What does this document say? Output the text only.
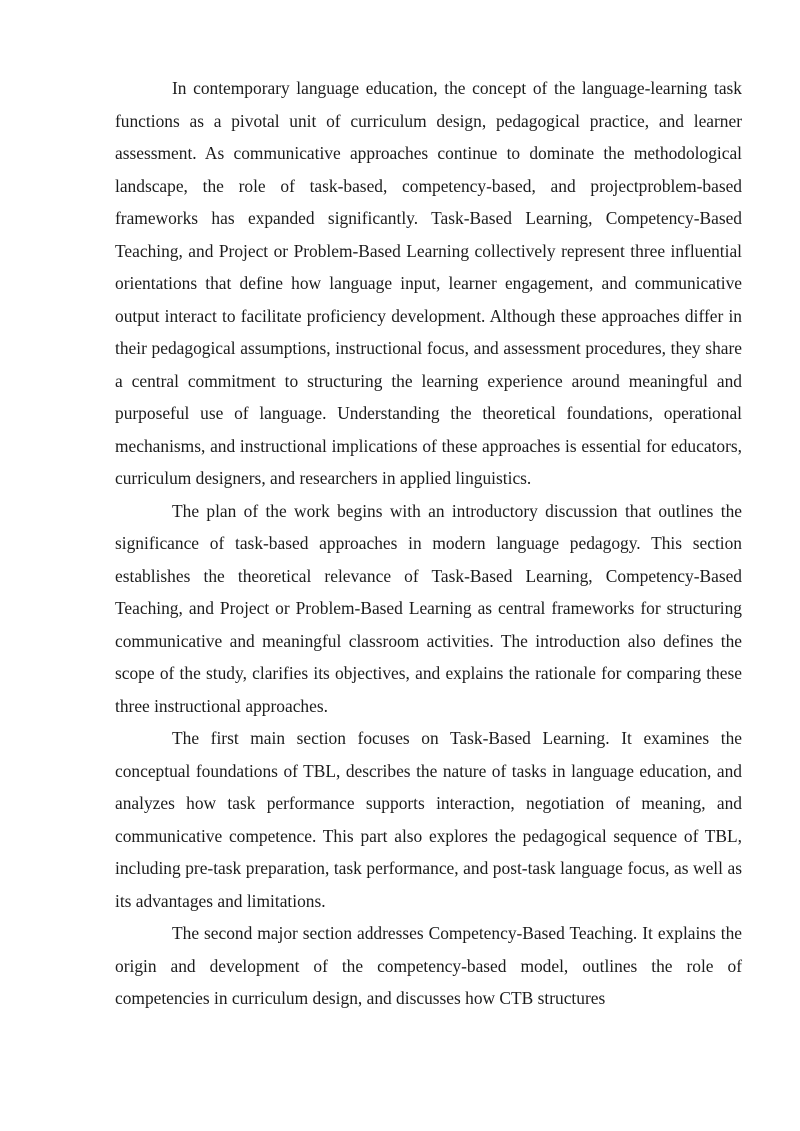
In contemporary language education, the concept of the language-learning task functions as a pivotal unit of curriculum design, pedagogical practice, and learner assessment. As communicative approaches continue to dominate the methodological landscape, the role of task-based, competency-based, and projectproblem-based frameworks has expanded significantly. Task-Based Learning, Competency-Based Teaching, and Project or Problem-Based Learning collectively represent three influential orientations that define how language input, learner engagement, and communicative output interact to facilitate proficiency development. Although these approaches differ in their pedagogical assumptions, instructional focus, and assessment procedures, they share a central commitment to structuring the learning experience around meaningful and purposeful use of language. Understanding the theoretical foundations, operational mechanisms, and instructional implications of these approaches is essential for educators, curriculum designers, and researchers in applied linguistics.

The plan of the work begins with an introductory discussion that outlines the significance of task-based approaches in modern language pedagogy. This section establishes the theoretical relevance of Task-Based Learning, Competency-Based Teaching, and Project or Problem-Based Learning as central frameworks for structuring communicative and meaningful classroom activities. The introduction also defines the scope of the study, clarifies its objectives, and explains the rationale for comparing these three instructional approaches.

The first main section focuses on Task-Based Learning. It examines the conceptual foundations of TBL, describes the nature of tasks in language education, and analyzes how task performance supports interaction, negotiation of meaning, and communicative competence. This part also explores the pedagogical sequence of TBL, including pre-task preparation, task performance, and post-task language focus, as well as its advantages and limitations.

The second major section addresses Competency-Based Teaching. It explains the origin and development of the competency-based model, outlines the role of competencies in curriculum design, and discusses how CTB structures
